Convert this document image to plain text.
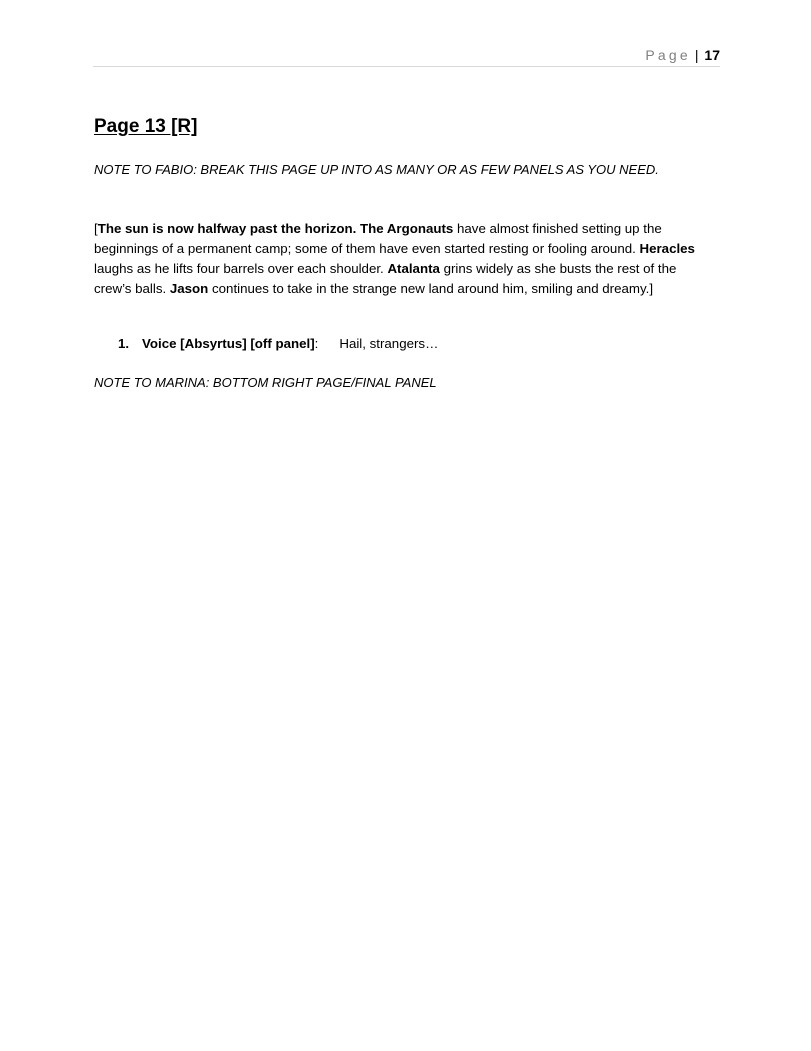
Page | 17
Page 13 [R]

NOTE TO FABIO: BREAK THIS PAGE UP INTO AS MANY OR AS FEW PANELS AS YOU NEED.

[The sun is now halfway past the horizon. The Argonauts have almost finished setting up the beginnings of a permanent camp; some of them have even started resting or fooling around. Heracles laughs as he lifts four barrels over each shoulder. Atalanta grins widely as she busts the rest of the crew’s balls. Jason continues to take in the strange new land around him, smiling and dreamy.]

1. Voice [Absyrtus] [off panel]: Hail, strangers…

NOTE TO MARINA: BOTTOM RIGHT PAGE/FINAL PANEL
